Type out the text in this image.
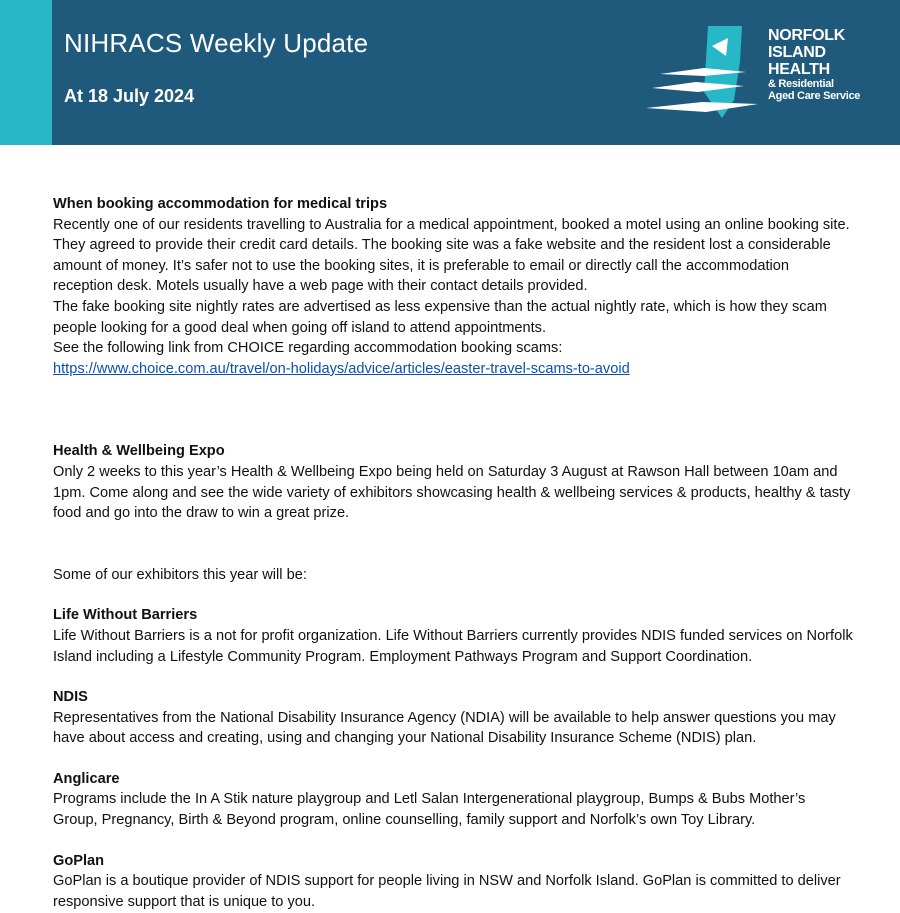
NIHRACS Weekly Update
At 18 July 2024
NORFOLK
ISLAND
HEALTH
& Residential
Aged Care Service

When booking accommodation for medical trips

Recently one of our residents travelling to Australia for a medical appointment, booked a motel using an online booking site. They agreed to provide their credit card details. The booking site was a fake website and the resident lost a considerable amount of money. It’s safer not to use the booking sites, it is preferable to email or directly call the accommodation reception desk. Motels usually have a web page with their contact details provided.

The fake booking site nightly rates are advertised as less expensive than the actual nightly rate, which is how they scam people looking for a good deal when going off island to attend appointments.

See the following link from CHOICE regarding accommodation booking scams:

https://www.choice.com.au/travel/on-holidays/advice/articles/easter-travel-scams-to-avoid

Health & Wellbeing Expo

Only 2 weeks to this year’s Health & Wellbeing Expo being held on Saturday 3 August at Rawson Hall between 10am and 1pm. Come along and see the wide variety of exhibitors showcasing health & wellbeing services & products, healthy & tasty food and go into the draw to win a great prize.

Some of our exhibitors this year will be:

Life Without Barriers

Life Without Barriers is a not for profit organization. Life Without Barriers currently provides NDIS funded services on Norfolk Island including a Lifestyle Community Program. Employment Pathways Program and Support Coordination.

NDIS

Representatives from the National Disability Insurance Agency (NDIA) will be available to help answer questions you may have about access and creating, using and changing your National Disability Insurance Scheme (NDIS) plan.

Anglicare

Programs include the In A Stik nature playgroup and Letl Salan Intergenerational playgroup, Bumps & Bubs Mother’s Group, Pregnancy, Birth & Beyond program, online counselling, family support and Norfolk’s own Toy Library.

GoPlan

GoPlan is a boutique provider of NDIS support for people living in NSW and Norfolk Island. GoPlan is committed to deliver responsive support that is unique to you.
